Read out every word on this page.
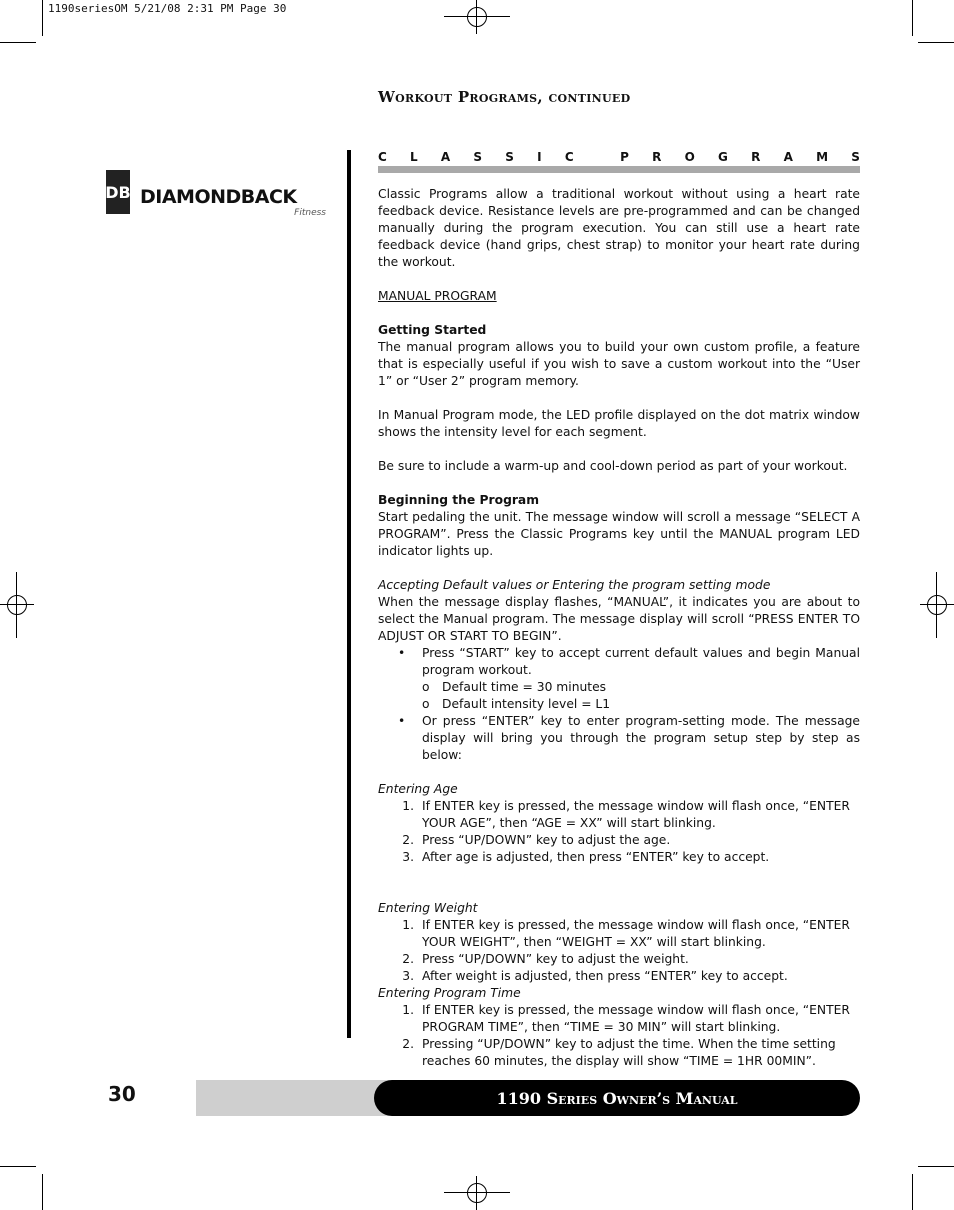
1190seriesOM 5/21/08 2:31 PM Page 30
Workout Programs, continued
DB DIAMONDBACK
Fitness
C L A S S I C	P R O G R A M S

Classic Programs allow a traditional workout without using a heart rate feedback device. Resistance levels are pre-programmed and can be changed manually during the program execution. You can still use a heart rate feedback device (hand grips, chest strap) to monitor your heart rate during the workout.

MANUAL PROGRAM

Getting Started

The manual program allows you to build your own custom profile, a feature that is especially useful if you wish to save a custom workout into the “User 1” or “User 2” program memory.

In Manual Program mode, the LED profile displayed on the dot matrix window shows the intensity level for each segment.

Be sure to include a warm-up and cool-down period as part of your workout.

Beginning the Program

Start pedaling the unit. The message window will scroll a message “SELECT A PROGRAM”. Press the Classic Programs key until the MANUAL program LED indicator lights up.

Accepting Default values or Entering the program setting mode

When the message display flashes, “MANUAL”, it indicates you are about to select the Manual program. The message display will scroll “PRESS ENTER TO ADJUST OR START TO BEGIN”.

•	Press “START” key to accept current default values and begin Manual program workout.
o	Default time = 30 minutes
o	Default intensity level = L1
•	Or press “ENTER” key to enter program-setting mode. The message display will bring you through the program setup step by step as below:

Entering Age

1. If ENTER key is pressed, the message window will flash once, “ENTER YOUR AGE”, then “AGE = XX” will start blinking.
2. Press “UP/DOWN” key to adjust the age.
3. After age is adjusted, then press “ENTER” key to accept.

Entering Weight

1. If ENTER key is pressed, the message window will flash once, “ENTER YOUR WEIGHT”, then “WEIGHT = XX” will start blinking.
2. Press “UP/DOWN” key to adjust the weight.
3. After weight is adjusted, then press “ENTER” key to accept.

Entering Program Time

1. If ENTER key is pressed, the message window will flash once, “ENTER PROGRAM TIME”, then “TIME = 30 MIN” will start blinking.
2. Pressing “UP/DOWN” key to adjust the time. When the time setting reaches 60 minutes, the display will show “TIME = 1HR 00MIN”.
30	1190 Series Owner’s Manual
